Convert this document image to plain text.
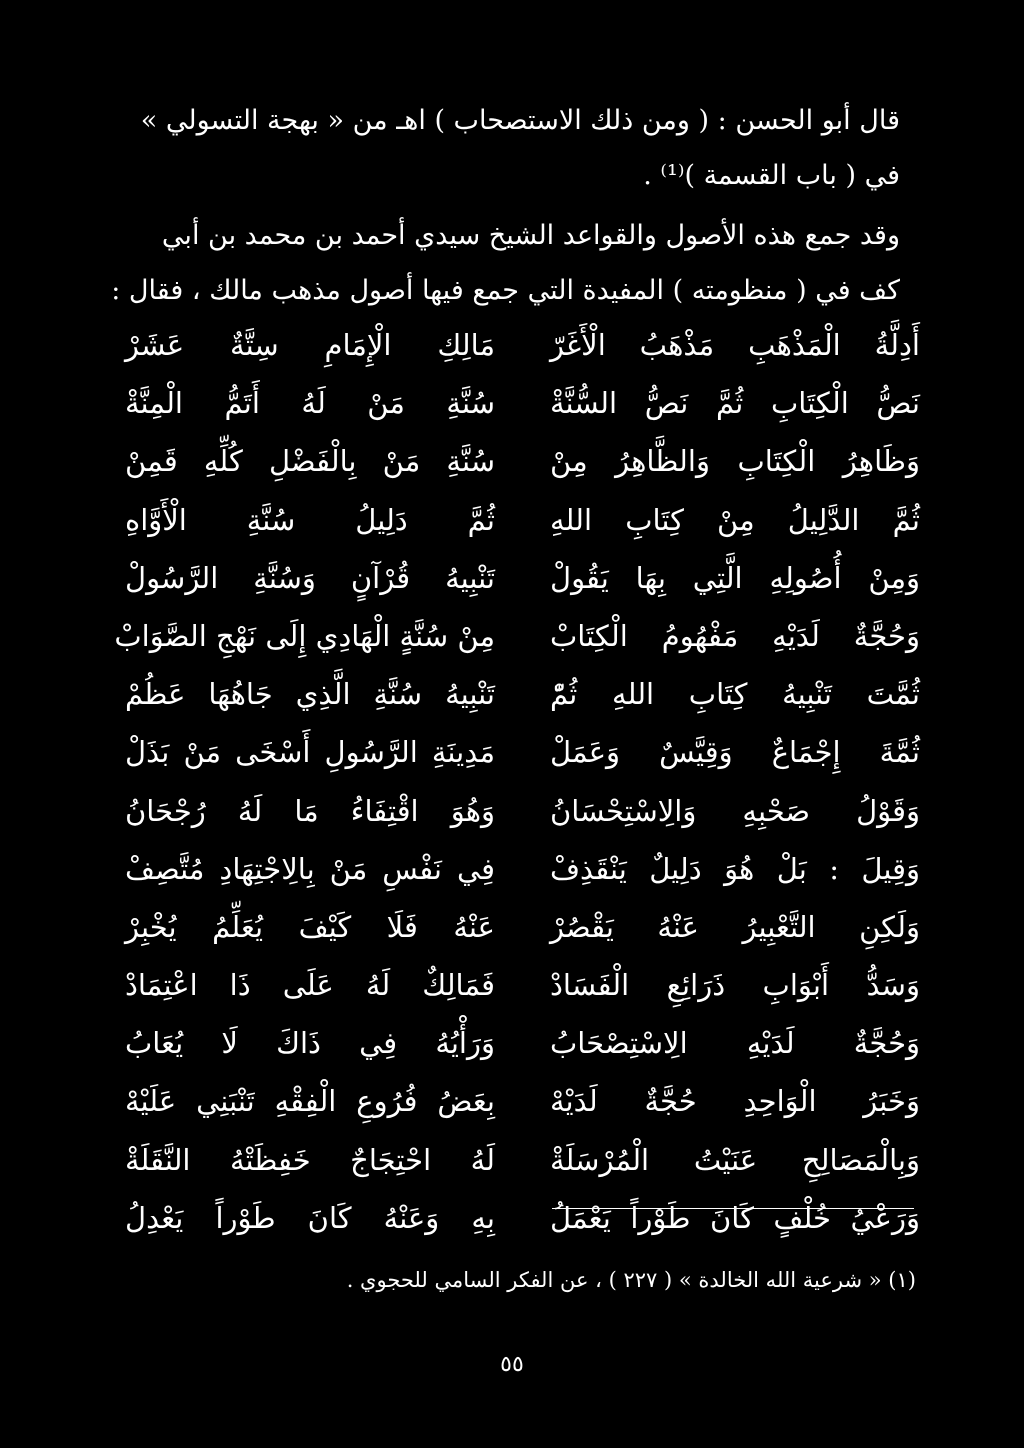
قال أبو الحسن : ( ومن ذلك الاستصحاب ) اهـ من « بهجة التسولي »
في ( باب القسمة )⁽¹⁾ .
وقد جمع هذه الأصول والقواعد الشيخ سيدي أحمد بن محمد بن أبي
كف في ( منظومته ) المفيدة التي جمع فيها أصول مذهب مالك ، فقال :
أَدِلَّةُ الْمَذْهَبِ مَذْهَبُ الْأَغَرّ
مَالِكِ الْإِمَامِ سِتَّةٌ عَشَرْ
نَصُّ الْكِتَابِ ثُمَّ نَصُّ السُّنَّةْ
سُنَّةِ مَنْ لَهُ أَتَمُّ الْمِنَّةْ
وَظَاهِرُ الْكِتَابِ وَالظَّاهِرُ مِنْ
سُنَّةِ مَنْ بِالْفَضْلِ كُلِّهِ قَمِنْ
ثُمَّ الدَّلِيلُ مِنْ كِتَابِ اللهِ
ثُمَّ دَلِيلُ سُنَّةِ الْأَوَّاهِ
وَمِنْ أُصُولِهِ الَّتِي بِهَا يَقُولْ
تَنْبِيهُ قُرْآنٍ وَسُنَّةِ الرَّسُولْ
وَحُجَّةٌ لَدَيْهِ مَفْهُومُ الْكِتَابْ
مِنْ سُنَّةٍ الْهَادِي إِلَى نَهْجِ الصَّوَابْ
ثُمَّتَ تَنْبِيهُ كِتَابِ اللهِ ثُمّْ
تَنْبِيهُ سُنَّةِ الَّذِي جَاهُهَا عَظُمْ
ثُمَّةَ إِجْمَاعٌ وَقِيَّسٌ وَعَمَلْ
مَدِينَةِ الرَّسُولِ أَسْخَى مَنْ بَذَلْ
وَقَوْلُ صَحْبِهِ وَالِاسْتِحْسَانُ
وَهُوَ اقْتِفَاءُ مَا لَهُ رُجْحَانُ
وَقِيلَ : بَلْ هُوَ دَلِيلٌ يَنْقَذِفْ
فِي نَفْسِ مَنْ بِالِاجْتِهَادِ مُتَّصِفْ
وَلَكِنِ التَّعْبِيرُ عَنْهُ يَقْصُرْ
عَنْهُ فَلَا كَيْفَ يُعَلِّمُ يُخْبِرْ
وَسَدُّ أَبْوَابِ ذَرَائِعِ الْفَسَادْ
فَمَالِكٌ لَهُ عَلَى ذَا اعْتِمَادْ
وَحُجَّةٌ لَدَيْهِ الِاسْتِصْحَابُ
وَرَأْيُهُ فِي ذَاكَ لَا يُعَابُ
وَخَبَرُ الْوَاحِدِ حُجَّةٌ لَدَيْهْ
بِعَضُ فُرُوعِ الْفِقْهِ تَنْبَنِي عَلَيْهْ
وَبِالْمَصَالِحِ عَنَيْتُ الْمُرْسَلَةْ
لَهُ احْتِجَاجٌ خَفِظَتْهُ النَّقَلَةْ
وَرَعْيُ خُلْفٍ كَانَ طَوْراً يَعْمَلُ
بِهِ وَعَنْهُ كَانَ طَوْراً يَعْدِلُ
(١) « شرعية الله الخالدة » ( ٢٢٧ ) ، عن الفكر السامي للحجوي .
٥٥
